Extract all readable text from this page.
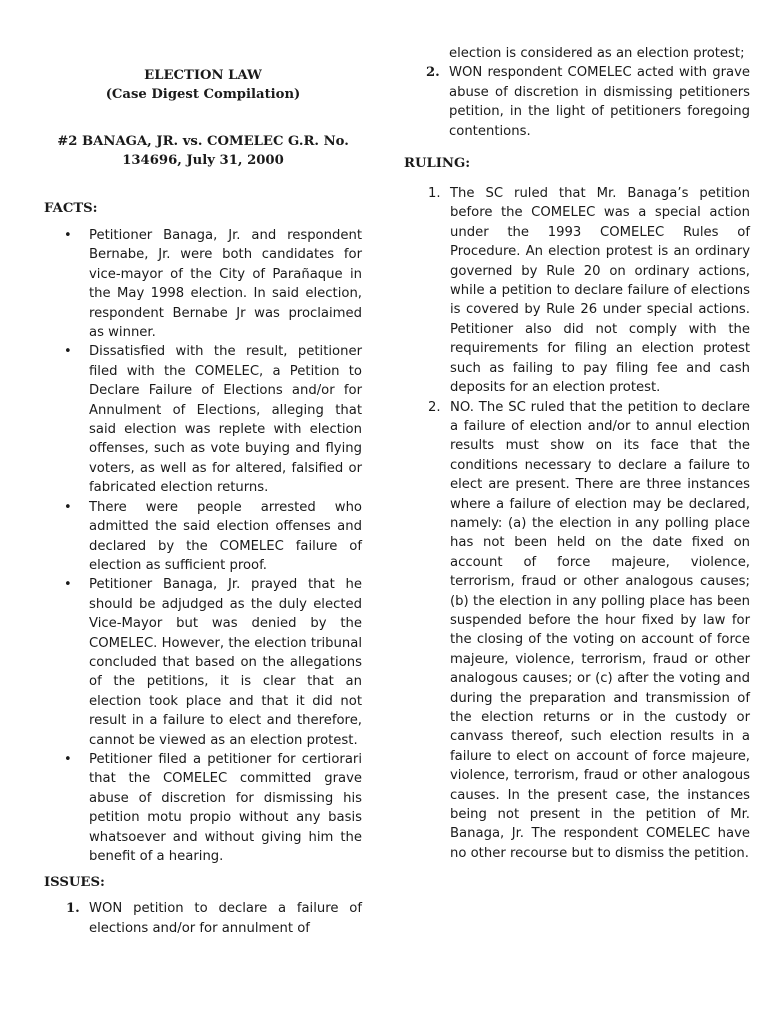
ELECTION LAW
(Case Digest Compilation)
#2 BANAGA, JR. vs. COMELEC G.R. No. 134696, July 31, 2000
FACTS:
• Petitioner Banaga, Jr. and respondent Bernabe, Jr. were both candidates for vice-mayor of the City of Parañaque in the May 1998 election. In said election, respondent Bernabe Jr was proclaimed as winner.
• Dissatisfied with the result, petitioner filed with the COMELEC, a Petition to Declare Failure of Elections and/or for Annulment of Elections, alleging that said election was replete with election offenses, such as vote buying and flying voters, as well as for altered, falsified or fabricated election returns.
• There were people arrested who admitted the said election offenses and declared by the COMELEC failure of election as sufficient proof.
• Petitioner Banaga, Jr. prayed that he should be adjudged as the duly elected Vice-Mayor but was denied by the COMELEC. However, the election tribunal concluded that based on the allegations of the petitions, it is clear that an election took place and that it did not result in a failure to elect and therefore, cannot be viewed as an election protest.
• Petitioner filed a petitioner for certiorari that the COMELEC committed grave abuse of discretion for dismissing his petition motu propio without any basis whatsoever and without giving him the benefit of a hearing.
ISSUES:
1. WON petition to declare a failure of elections and/or for annulment of
election is considered as an election protest;
2. WON respondent COMELEC acted with grave abuse of discretion in dismissing petitioners petition, in the light of petitioners foregoing contentions.
RULING:
1. The SC ruled that Mr. Banaga’s petition before the COMELEC was a special action under the 1993 COMELEC Rules of Procedure. An election protest is an ordinary governed by Rule 20 on ordinary actions, while a petition to declare failure of elections is covered by Rule 26 under special actions. Petitioner also did not comply with the requirements for filing an election protest such as failing to pay filing fee and cash deposits for an election protest.
2. NO. The SC ruled that the petition to declare a failure of election and/or to annul election results must show on its face that the conditions necessary to declare a failure to elect are present. There are three instances where a failure of election may be declared, namely: (a) the election in any polling place has not been held on the date fixed on account of force majeure, violence, terrorism, fraud or other analogous causes; (b) the election in any polling place has been suspended before the hour fixed by law for the closing of the voting on account of force majeure, violence, terrorism, fraud or other analogous causes; or (c) after the voting and during the preparation and transmission of the election returns or in the custody or canvass thereof, such election results in a failure to elect on account of force majeure, violence, terrorism, fraud or other analogous causes. In the present case, the instances being not present in the petition of Mr. Banaga, Jr. The respondent COMELEC have no other recourse but to dismiss the petition.
